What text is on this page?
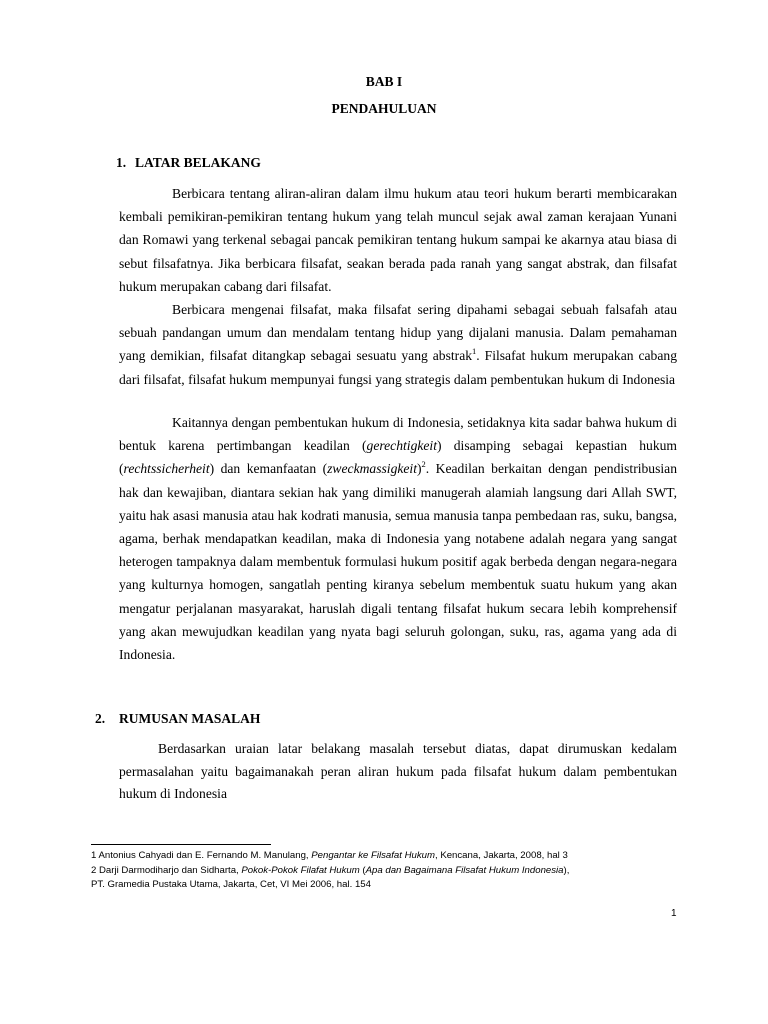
BAB I
PENDAHULUAN
1. LATAR BELAKANG

Berbicara tentang aliran-aliran dalam ilmu hukum atau teori hukum berarti membicarakan kembali pemikiran-pemikiran tentang hukum yang telah muncul sejak awal zaman kerajaan Yunani dan Romawi yang terkenal sebagai pancak pemikiran tentang hukum sampai ke akarnya atau biasa di sebut filsafatnya. Jika berbicara filsafat, seakan berada pada ranah yang sangat abstrak, dan filsafat hukum merupakan cabang dari filsafat.

Berbicara mengenai filsafat, maka filsafat sering dipahami sebagai sebuah falsafah atau sebuah pandangan umum dan mendalam tentang hidup yang dijalani manusia. Dalam pemahaman yang demikian, filsafat ditangkap sebagai sesuatu yang abstrak$^1$. Filsafat hukum merupakan cabang dari filsafat, filsafat hukum mempunyai fungsi yang strategis dalam pembentukan hukum di Indonesia

Kaitannya dengan pembentukan hukum di Indonesia, setidaknya kita sadar bahwa hukum di bentuk karena pertimbangan keadilan (gerechtigkeit) disamping sebagai kepastian hukum (rechtssicherheit) dan kemanfaatan (zweckmassigkeit)$^2$. Keadilan berkaitan dengan pendistribusian hak dan kewajiban, diantara sekian hak yang dimiliki manugerah alamiah langsung dari Allah SWT, yaitu hak asasi manusia atau hak kodrati manusia, semua manusia tanpa pembedaan ras, suku, bangsa, agama, berhak mendapatkan keadilan, maka di Indonesia yang notabene adalah negara yang sangat heterogen tampaknya dalam membentuk formulasi hukum positif agak berbeda dengan negara-negara yang kulturnya homogen, sangatlah penting kiranya sebelum membentuk suatu hukum yang akan mengatur perjalanan masyarakat, haruslah digali tentang filsafat hukum secara lebih komprehensif yang akan mewujudkan keadilan yang nyata bagi seluruh golongan, suku, ras, agama yang ada di Indonesia.

2. RUMUSAN MASALAH

Berdasarkan uraian latar belakang masalah tersebut diatas, dapat dirumuskan kedalam permasalahan yaitu bagaimanakah peran aliran hukum pada filsafat hukum dalam pembentukan hukum di Indonesia

1 Antonius Cahyadi dan E. Fernando M. Manulang, Pengantar ke Filsafat Hukum, Kencana, Jakarta, 2008, hal 3
2 Darji Darmodiharjo dan Sidharta, Pokok-Pokok Filafat Hukum (Apa dan Bagaimana Filsafat Hukum Indonesia),
PT. Gramedia Pustaka Utama, Jakarta, Cet, VI Mei 2006, hal. 154
1
